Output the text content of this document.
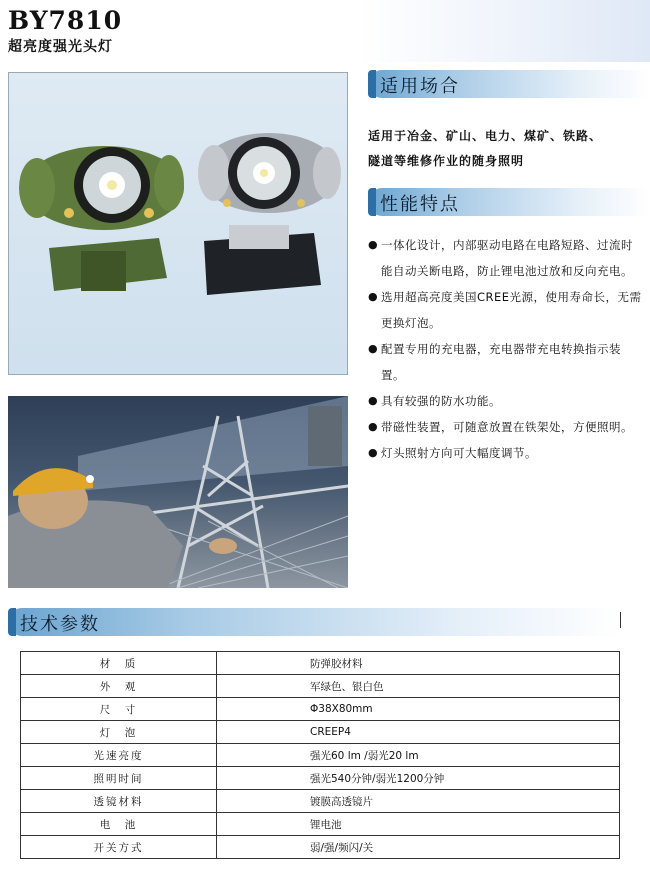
BY7810
超亮度强光头灯
适用场合
适用于冶金、矿山、电力、煤矿、铁路、
隧道等维修作业的随身照明
性能特点
● 一体化设计，内部驱动电路在电路短路、过流时能自动关断电路，防止锂电池过放和反向充电。
● 选用超高亮度美国CREE光源，使用寿命长，无需更换灯泡。
● 配置专用的充电器，充电器带充电转换指示装置。
● 具有较强的防水功能。
● 带磁性装置，可随意放置在铁架处，方便照明。
● 灯头照射方向可大幅度调节。
技术参数
材　质	防弹胶材料
外　观	军绿色、银白色
尺　寸	Φ38X80mm
灯　泡	CREEP4
光速亮度	强光60 lm /弱光20 lm
照明时间	强光540分钟/弱光1200分钟
透镜材料	镀膜高透镜片
电　池	锂电池
开关方式	弱/强/频闪/关
